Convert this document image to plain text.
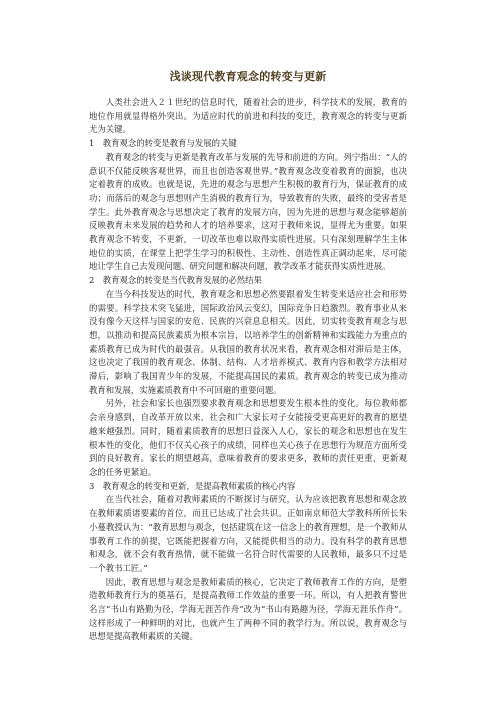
浅谈现代教育观念的转变与更新

人类社会进入２１世纪的信息时代，随着社会的进步，科学技术的发展，教育的地位作用就显得格外突出。为适应时代的前进和科技的变迁，教育观念的转变与更新尤为关键。

1　教育观念的转变是教育与发展的关键

教育观念的转变与更新是教育改革与发展的先导和前进的方向。列宁指出：“人的意识不仅能反映客观世界，而且也创造客观世界。”教育观念改变着教育的面貌，也决定着教育的成败。也就是说，先进的观念与思想产生积极的教育行为，保证教育的成功；而落后的观念与思想则产生消极的教育行为，导致教育的失败，最终的受害者是学生。此外教育观念与思想决定了教育的发展方向，因为先进的思想与观念能够超前反映教育未来发展的趋势和人才的培养要求，这对于教师来说，显得尤为重要。如果教育观念不转变，不更新，一切改革也难以取得实质性进展。只有深刻理解学生主体地位的实质，在课堂上把学生学习的积极性、主动性、创造性真正调动起来，尽可能地让学生自己去发现问题、研究问题和解决问题，教学改革才能获得实质性进展。

2　教育观念的转变是当代教育发展的必然结果

在当今科技发达的时代，教育观念和思想必然要跟着发生转变来适应社会和形势的需要。科学技术突飞猛进，国际政治风云变幻，国际竞争日趋激烈。教育事业从来没有像今天这样与国家的安危、民族的兴衰息息相关。因此，切实转变教育观念与思想，以推动和提高民族素质为根本宗旨，以培养学生的创新精神和实践能力为重点的素质教育已成为时代的最强音。从我国的教育状况来看，教育观念相对滞后是主体，这也决定了我国的教育观念、体制、结构、人才培养模式、教育内容和教学方法相对滞后，影响了我国青少年的发展，不能提高国民的素质。教育观念的转变已成为推动教育和发展，实施素质教育中不可回避的重要问题。

另外，社会和家长也强烈要求教育观念和思想要发生根本性的变化。每位教师都会亲身感到，自改革开放以来，社会和广大家长对子女能接受更高更好的教育的愿望越来越强烈。同时，随着素质教育的思想日益深入人心，家长的观念和思想也在发生根本性的变化，他们不仅关心孩子的成绩，同样也关心孩子在思想行为规范方面所受到的良好教育。家长的期望越高，意味着教育的要求更多，教师的责任更重，更新观念的任务更紧迫。

3　教育观念的转变和更新，是提高教师素质的核心内容

在当代社会，随着对教师素质的不断探讨与研究，认为应该把教育思想和观念放在教师素质诸要素的首位，而且已达成了社会共识。正如南京师范大学教科所所长朱小蔓教授认为：“教育思想与观念，包括建筑在这一信念上的教育理想，是一个教师从事教育工作的前提，它既能把握着方向，又能提供相当的动力。没有科学的教育思想和观念，就不会有教育热情，就不能做一名符合时代需要的人民教师，最多只不过是一个教书工匠。”

因此，教育思想与观念是教师素质的核心，它决定了教师教育工作的方向，是塑造教师教育行为的奠基石，是提高教师工作效益的重要一环。所以，有人把教育警世名言“书山有路勤为径，学海无涯苦作舟”改为“书山有路趣为径，学海无涯乐作舟”。这样形成了一种鲜明的对比，也就产生了两种不同的教学行为。所以说，教育观念与思想是提高教师素质的关键。
